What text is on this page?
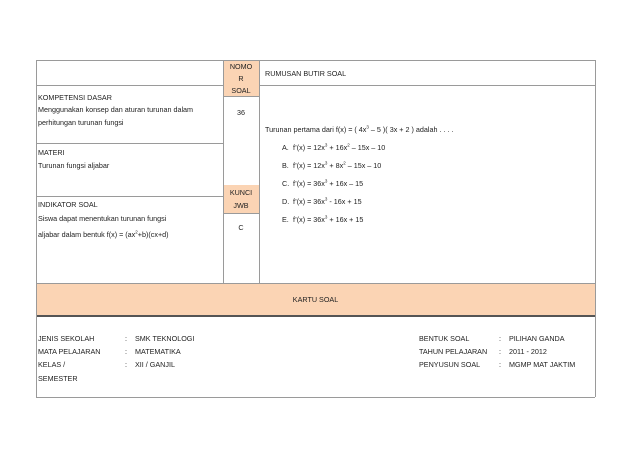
KOMPETENSI DASAR
Menggunakan konsep dan aturan turunan dalam
perhitungan turunan fungsi
MATERI
Turunan fungsi aljabar
INDIKATOR SOAL
Siswa dapat menentukan turunan fungsi
aljabar dalam bentuk $f(x) = (ax^2+b)(cx+d)$
NOMO
R
SOAL
36
KUNCI
JWB
C
RUMUSAN BUTIR SOAL
Turunan pertama dari f(x) = ( $4x^3 - 5$ )( 3x + 2 ) adalah . . . .
A. f’(x) = $12x^3 + 16x^2 - 15x - 10$
B. f’(x) = $12x^3 + 8x^2 - 15x - 10$
C. f’(x) = $36x^3 + 16x - 15$
D. f’(x) = $36x^3 - 16x + 15$
E. f’(x) = $36x^3 + 16x + 15$
KARTU SOAL
JENIS SEKOLAH	: SMK TEKNOLOGI
MATA PELAJARAN	: MATEMATIKA
KELAS /	: XII / GANJIL
SEMESTER
BENTUK SOAL	: PILIHAN GANDA
TAHUN PELAJARAN : 2011 - 2012
PENYUSUN SOAL	: MGMP MAT JAKTIM
